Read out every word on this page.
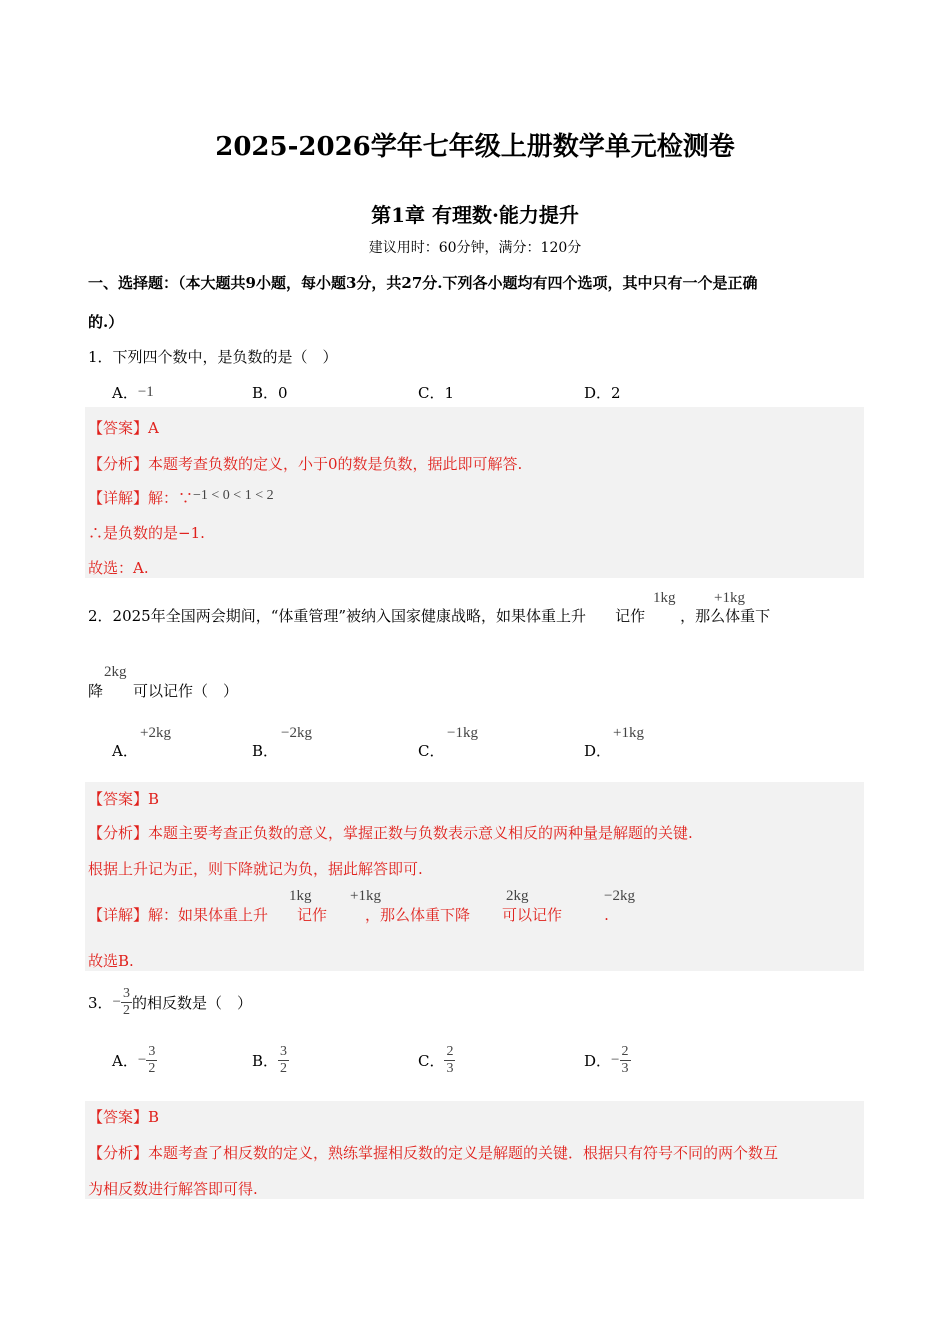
2025-2026学年七年级上册数学单元检测卷
第1章 有理数·能力提升
建议用时：60分钟，满分：120分
一、选择题：（本大题共9小题，每小题3分，共27分.下列各小题均有四个选项，其中只有一个是正确
的.）
1．下列四个数中，是负数的是（　）
A．−1	B．0	C．1	D．2
【答案】A
【分析】本题考查负数的定义，小于0的数是负数，据此即可解答.
【详解】解：∵−1 < 0 < 1 < 2
∴是负数的是−1.
故选：A.
2．2025年全国两会期间，“体重管理”被纳入国家健康战略，如果体重上升 记作 ，那么体重下
1kg	+1kg
降 可以记作（　）
2kg
A．
+2kg
B．
−2kg
C．
−1kg
D．
+1kg
【答案】B
【分析】本题主要考查正负数的意义，掌握正数与负数表示意义相反的两种量是解题的关键.
根据上升记为正，则下降就记为负，据此解答即可.
【详解】解：如果体重上升 记作	，那么体重下降 可以记作	.
1kg	+1kg	2kg	−2kg
故选B.
3．− $\frac{3}{2}$ 的相反数是（　）
A．− $\frac{3}{2}$	B． $\frac{3}{2}$	C． $\frac{2}{3}$	D．− $\frac{2}{3}$
【答案】B
【分析】本题考查了相反数的定义，熟练掌握相反数的定义是解题的关键．根据只有符号不同的两个数互
为相反数进行解答即可得.
